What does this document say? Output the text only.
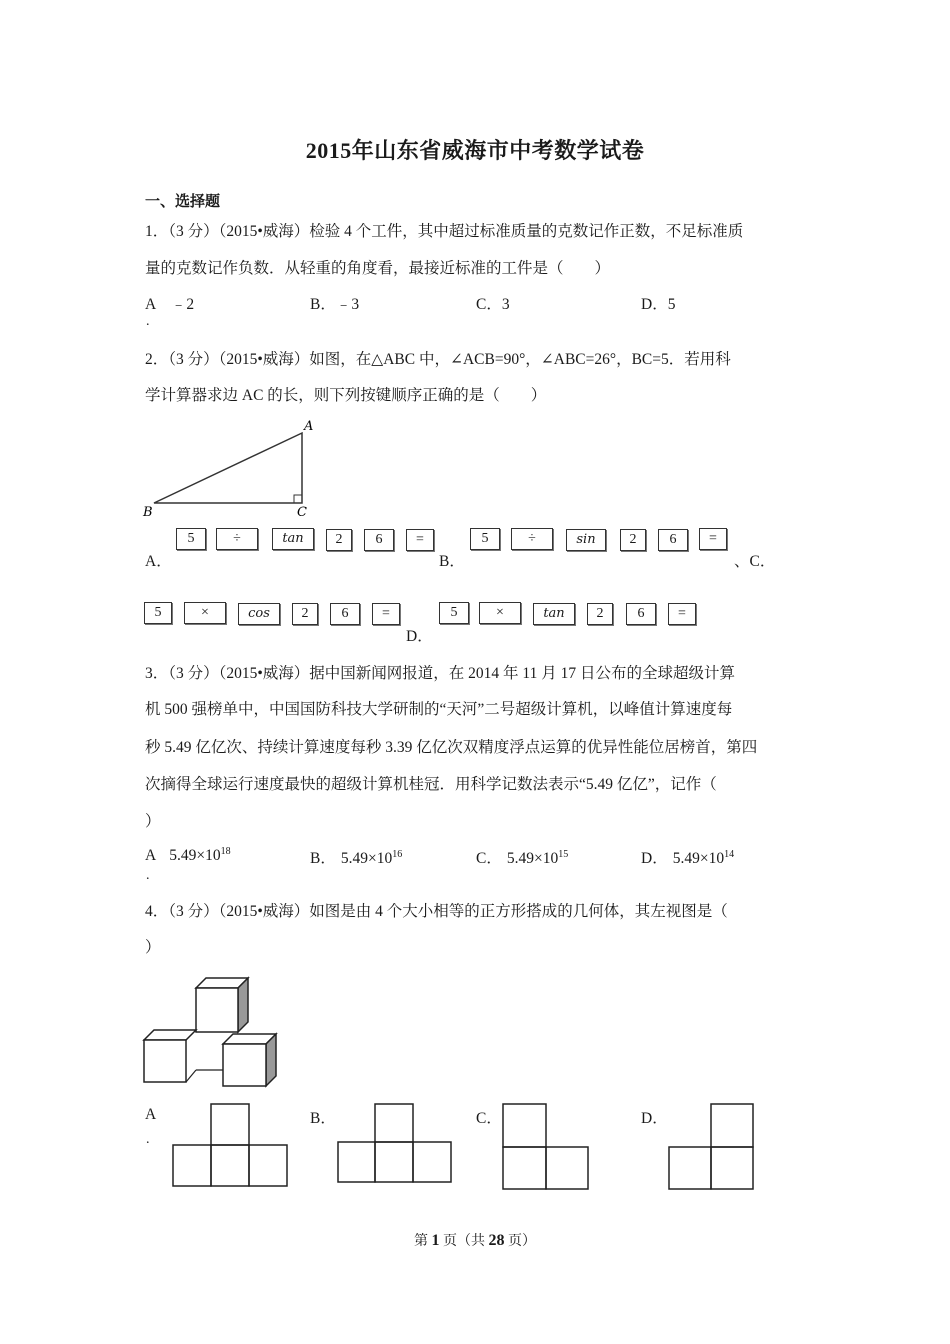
2015年山东省威海市中考数学试卷
一、选择题
1．（3 分）（2015•威海）检验 4 个工件，其中超过标准质量的克数记作正数，不足标准质
量的克数记作负数．从轻重的角度看，最接近标准的工件是（　　）
A　﹣2	B．﹣3	C．3	D．5
.
2．（3 分）（2015•威海）如图，在△ABC 中，∠ACB=90°，∠ABC=26°，BC=5．若用科
学计算器求边 AC 的长，则下列按键顺序正确的是（　　）
A
B	C
A．
5	÷	tan	2	6	=
B．
5	÷	sin	2	6	=
、C．
5	×	cos	2	6	=
D．
5	×	tan	2	6	=
3．（3 分）（2015•威海）据中国新闻网报道，在 2014 年 11 月 17 日公布的全球超级计算
机 500 强榜单中，中国国防科技大学研制的“天河”二号超级计算机，以峰值计算速度每
秒 5.49 亿亿次、持续计算速度每秒 3.39 亿亿次双精度浮点运算的优异性能位居榜首，第四
次摘得全球运行速度最快的超级计算机桂冠．用科学记数法表示“5.49 亿亿”，记作（
）
A $5.49\times 10^{18}$	B． $5.49\times 10^{16}$	C． $5.49\times 10^{15}$	D． $5.49\times 10^{14}$
.
4．（3 分）（2015•威海）如图是由 4 个大小相等的正方形搭成的几何体，其左视图是（
）
A
.
B．	C．	D．
第 1 页（共 28 页）
